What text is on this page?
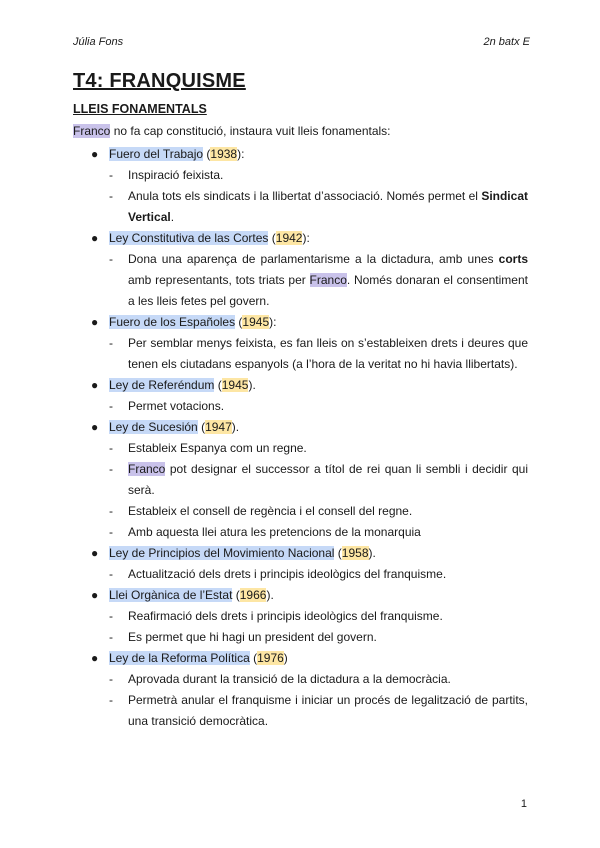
Júlia Fons	2n batx E
T4: FRANQUISME
LLEIS FONAMENTALS
Franco no fa cap constitució, instaura vuit lleis fonamentals:
● Fuero del Trabajo (1938):
- Inspiració feixista.
- Anula tots els sindicats i la llibertat d’associació. Només permet el Sindicat Vertical.
● Ley Constitutiva de las Cortes (1942):
- Dona una aparença de parlamentarisme a la dictadura, amb unes corts amb representants, tots triats per Franco. Només donaran el consentiment a les lleis fetes pel govern.
● Fuero de los Españoles (1945):
- Per semblar menys feixista, es fan lleis on s’estableixen drets i deures que tenen els ciutadans espanyols (a l’hora de la veritat no hi havia llibertats).
● Ley de Referéndum (1945).
- Permet votacions.
● Ley de Sucesión (1947).
- Estableix Espanya com un regne.
- Franco pot designar el successor a títol de rei quan li sembli i decidir qui serà.
- Estableix el consell de regència i el consell del regne.
- Amb aquesta llei atura les pretencions de la monarquia
● Ley de Principios del Movimiento Nacional (1958).
- Actualització dels drets i principis ideològics del franquisme.
● Llei Orgànica de l’Estat (1966).
- Reafirmació dels drets i principis ideològics del franquisme.
- Es permet que hi hagi un president del govern.
● Ley de la Reforma Política (1976)
- Aprovada durant la transició de la dictadura a la democràcia.
- Permetrà anular el franquisme i iniciar un procés de legalització de partits, una transició democràtica.
1
